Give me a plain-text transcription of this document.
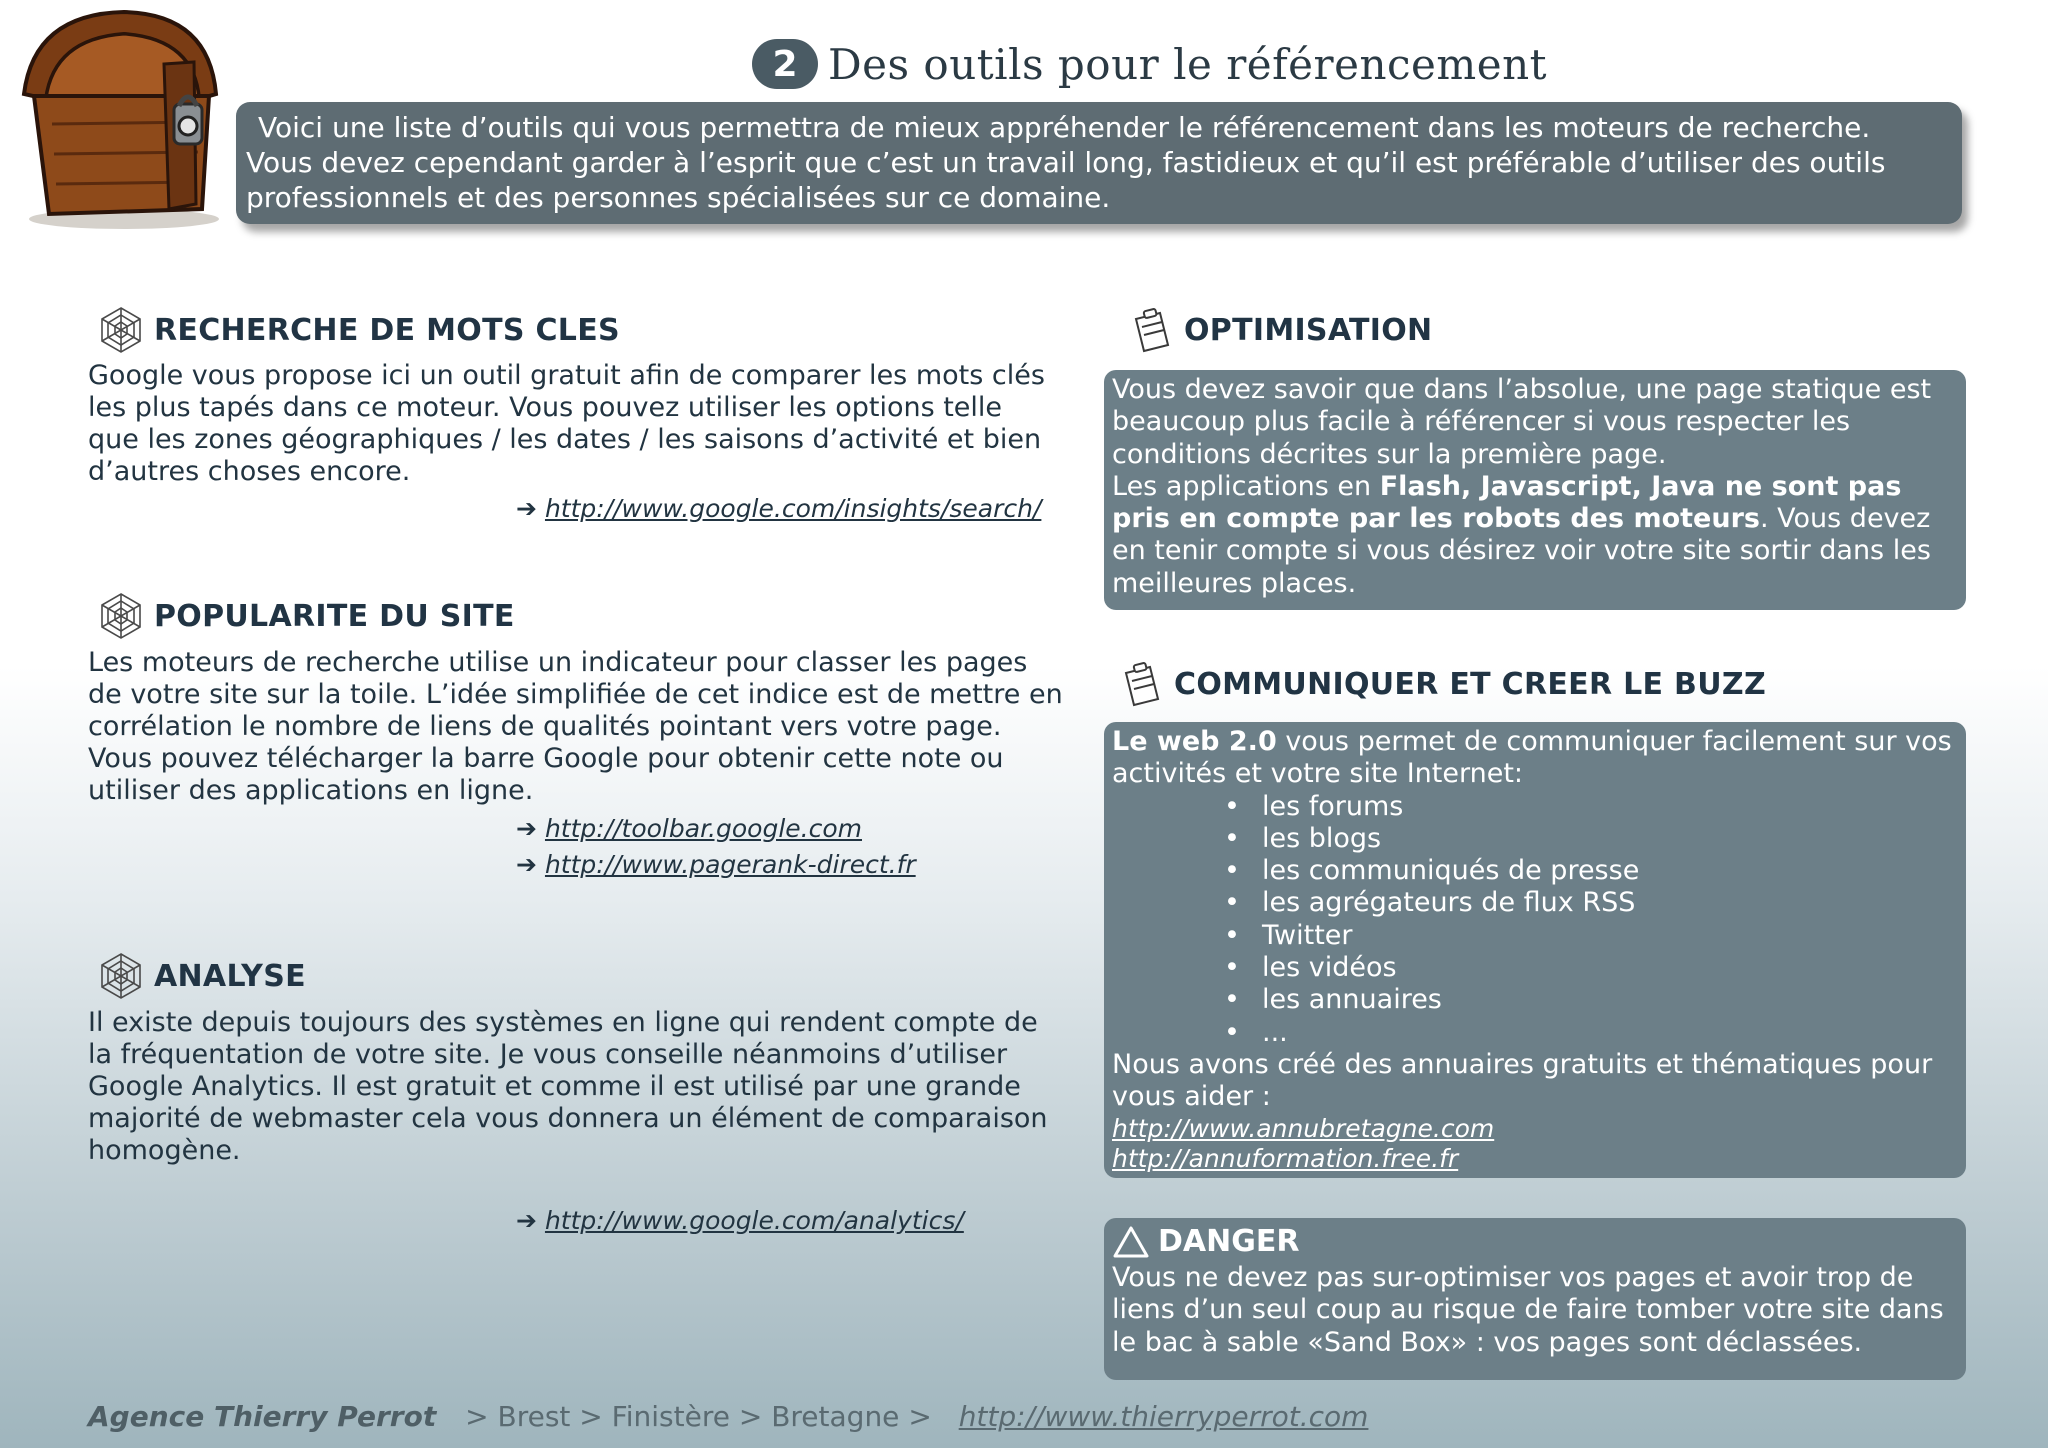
2 Des outils pour le référencement
Voici une liste d’outils qui vous permettra de mieux appréhender le référencement dans les moteurs de recherche.
Vous devez cependant garder à l’esprit que c’est un travail long, fastidieux et qu’il est préférable d’utiliser des outils
professionnels et des personnes spécialisées sur ce domaine.
RECHERCHE DE MOTS CLES
Google vous propose ici un outil gratuit afin de comparer les mots clés les plus tapés dans ce moteur. Vous pouvez utiliser les options telle que les zones géographiques / les dates / les saisons d’activité et bien d’autres choses encore.
➔ http://www.google.com/insights/search/
POPULARITE DU SITE
Les moteurs de recherche utilise un indicateur pour classer les pages de votre site sur la toile. L’idée simplifiée de cet indice est de mettre en corrélation le nombre de liens de qualités pointant vers votre page. Vous pouvez télécharger la barre Google pour obtenir cette note ou utiliser des applications en ligne.
➔ http://toolbar.google.com
➔ http://www.pagerank-direct.fr
ANALYSE
Il existe depuis toujours des systèmes en ligne qui rendent compte de la fréquentation de votre site. Je vous conseille néanmoins d’utiliser Google Analytics. Il est gratuit et comme il est utilisé par une grande majorité de webmaster cela vous donnera un élément de comparaison homogène.
➔ http://www.google.com/analytics/
OPTIMISATION
Vous devez savoir que dans l’absolue, une page statique est beaucoup plus facile à référencer si vous respecter les conditions décrites sur la première page.
Les applications en Flash, Javascript, Java ne sont pas pris en compte par les robots des moteurs. Vous devez en tenir compte si vous désirez voir votre site sortir dans les meilleures places.
COMMUNIQUER ET CREER LE BUZZ
Le web 2.0 vous permet de communiquer facilement sur vos activités et votre site Internet:
• les forums
• les blogs
• les communiqués de presse
• les agrégateurs de flux RSS
• Twitter
• les vidéos
• les annuaires
• ...
Nous avons créé des annuaires gratuits et thématiques pour vous aider :
http://www.annubretagne.com
http://annuformation.free.fr
DANGER
Vous ne devez pas sur-optimiser vos pages et avoir trop de liens d’un seul coup au risque de faire tomber votre site dans le bac à sable «Sand Box» : vos pages sont déclassées.
Agence Thierry Perrot > Brest > Finistère > Bretagne > http://www.thierryperrot.com
